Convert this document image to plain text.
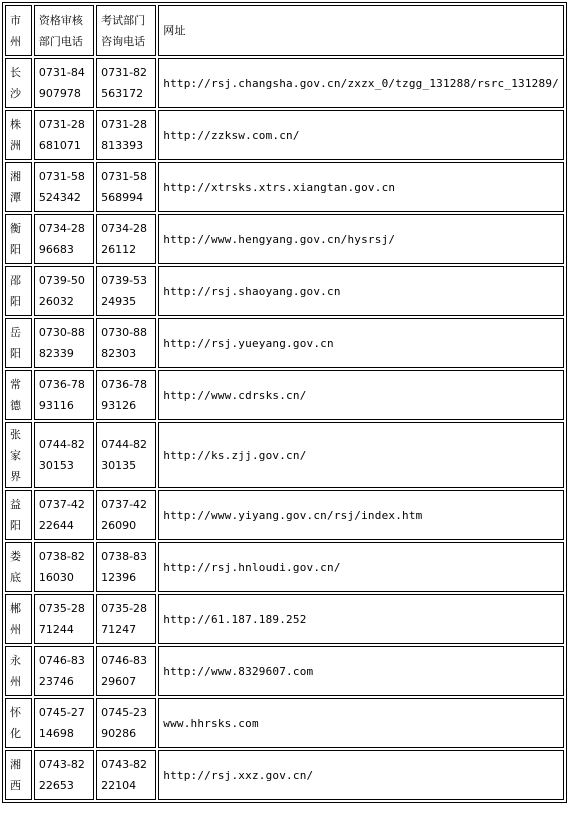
市州	资格审核部门电话	考试部门咨询电话	网址
长沙	0731-84907978	0731-82563172	http://rsj.changsha.gov.cn/zxzx_0/tzgg_131288/rsrc_131289/
株洲	0731-28681071	0731-28813393	http://zzksw.com.cn/
湘潭	0731-58524342	0731-58568994	http://xtrsks.xtrs.xiangtan.gov.cn
衡阳	0734-2896683	0734-2826112	http://www.hengyang.gov.cn/hysrsj/
邵阳	0739-5026032	0739-5324935	http://rsj.shaoyang.gov.cn
岳阳	0730-8882339	0730-8882303	http://rsj.yueyang.gov.cn
常德	0736-7893116	0736-7893126	http://www.cdrsks.cn/
张家界	0744-8230153	0744-8230135	http://ks.zjj.gov.cn/
益阳	0737-4222644	0737-4226090	http://www.yiyang.gov.cn/rsj/index.htm
娄底	0738-8216030	0738-8312396	http://rsj.hnloudi.gov.cn/
郴州	0735-2871244	0735-2871247	http://61.187.189.252
永州	0746-8323746	0746-8329607	http://www.8329607.com
怀化	0745-2714698	0745-2390286	www.hhrsks.com
湘西	0743-8222653	0743-8222104	http://rsj.xxz.gov.cn/
